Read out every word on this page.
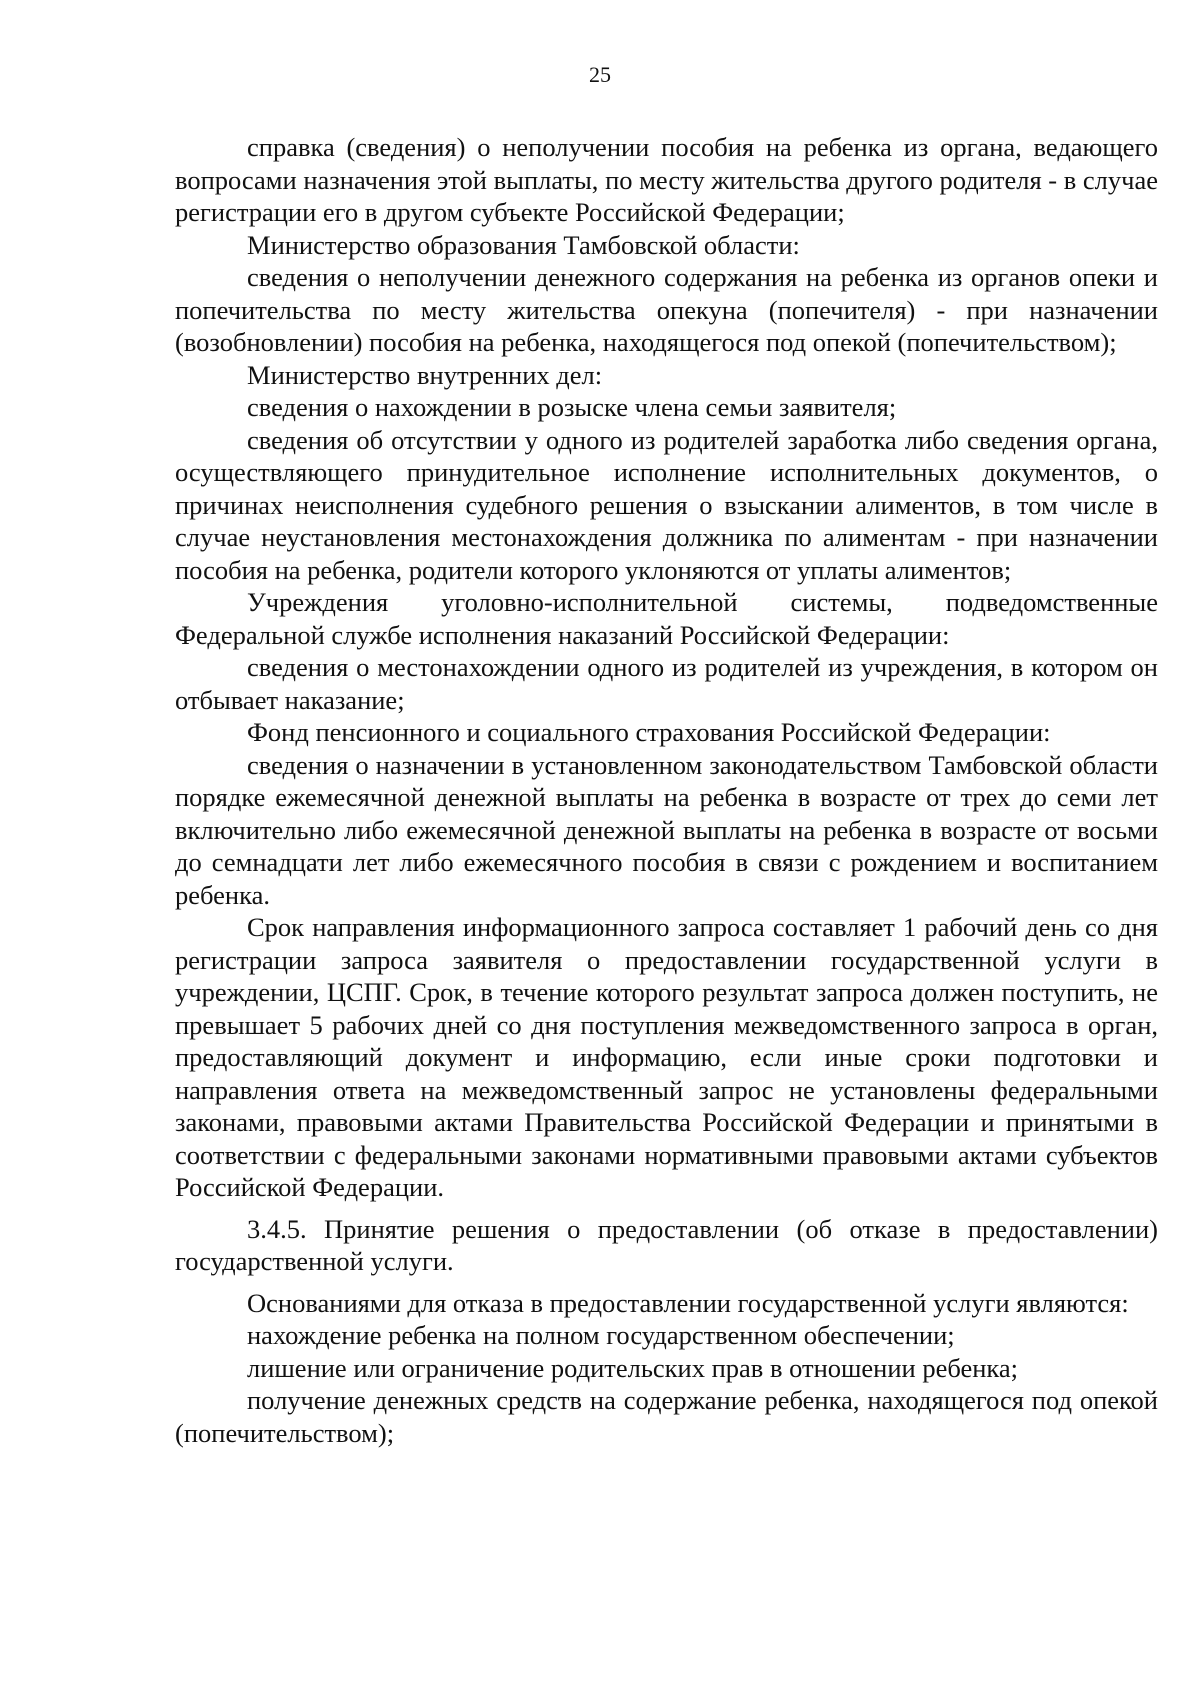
25

справка (сведения) о неполучении пособия на ребенка из органа, ведающего вопросами назначения этой выплаты, по месту жительства другого родителя - в случае регистрации его в другом субъекте Российской Федерации;

Министерство образования Тамбовской области:

сведения о неполучении денежного содержания на ребенка из органов опеки и попечительства по месту жительства опекуна (попечителя) - при назначении (возобновлении) пособия на ребенка, находящегося под опекой (попечительством);

Министерство внутренних дел:

сведения о нахождении в розыске члена семьи заявителя;

сведения об отсутствии у одного из родителей заработка либо сведения органа, осуществляющего принудительное исполнение исполнительных документов, о причинах неисполнения судебного решения о взыскании алиментов, в том числе в случае неустановления местонахождения должника по алиментам - при назначении пособия на ребенка, родители которого уклоняются от уплаты алиментов;

Учреждения уголовно-исполнительной системы, подведомственные Федеральной службе исполнения наказаний Российской Федерации:

сведения о местонахождении одного из родителей из учреждения, в котором он отбывает наказание;

Фонд пенсионного и социального страхования Российской Федерации:

сведения о назначении в установленном законодательством Тамбовской области порядке ежемесячной денежной выплаты на ребенка в возрасте от трех до семи лет включительно либо ежемесячной денежной выплаты на ребенка в возрасте от восьми до семнадцати лет либо ежемесячного пособия в связи с рождением и воспитанием ребенка.

Срок направления информационного запроса составляет 1 рабочий день со дня регистрации запроса заявителя о предоставлении государственной услуги в учреждении, ЦСПГ. Срок, в течение которого результат запроса должен поступить, не превышает 5 рабочих дней со дня поступления межведомственного запроса в орган, предоставляющий документ и информацию, если иные сроки подготовки и направления ответа на межведомственный запрос не установлены федеральными законами, правовыми актами Правительства Российской Федерации и принятыми в соответствии с федеральными законами нормативными правовыми актами субъектов Российской Федерации.

3.4.5. Принятие решения о предоставлении (об отказе в предоставлении) государственной услуги.

Основаниями для отказа в предоставлении государственной услуги являются:

нахождение ребенка на полном государственном обеспечении;

лишение или ограничение родительских прав в отношении ребенка;

получение денежных средств на содержание ребенка, находящегося под опекой (попечительством);
